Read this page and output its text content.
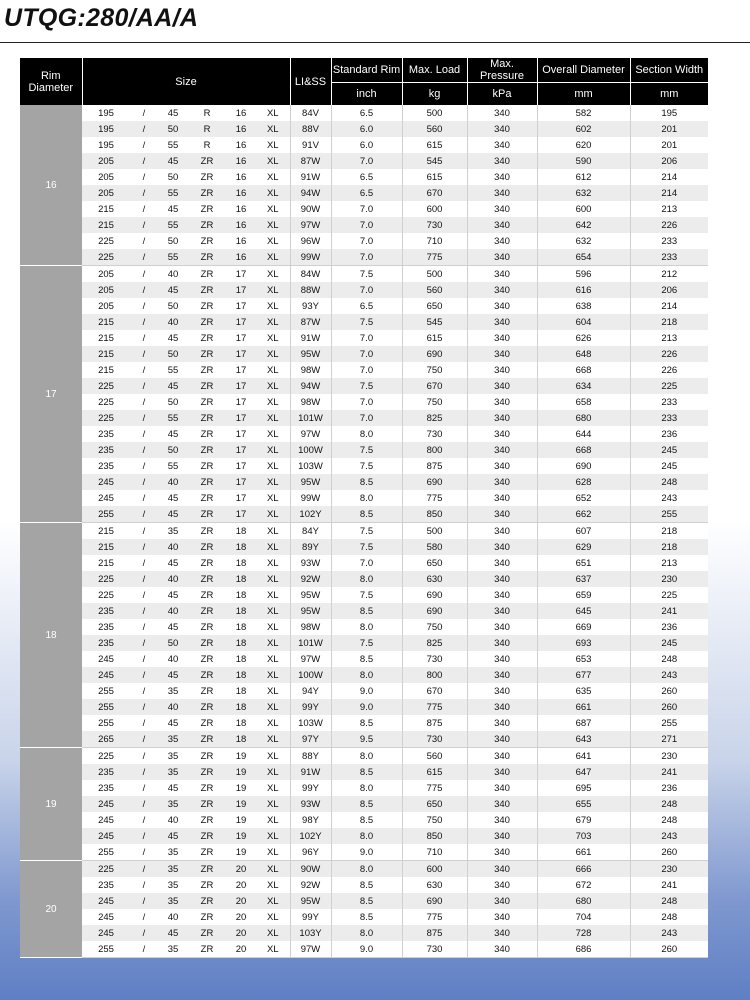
UTQG:280/AA/A
Rim Diameter	Size						LI&SS	Standard Rim	Max. Load	Max. Pressure	Overall Diameter	Section Width
								inch	kg	kPa	mm	mm
16	195	/	45	R	16	XL	84V	6.5	500	340	582	195
	195	/	50	R	16	XL	88V	6.0	560	340	602	201
	195	/	55	R	16	XL	91V	6.0	615	340	620	201
	205	/	45	ZR	16	XL	87W	7.0	545	340	590	206
	205	/	50	ZR	16	XL	91W	6.5	615	340	612	214
	205	/	55	ZR	16	XL	94W	6.5	670	340	632	214
	215	/	45	ZR	16	XL	90W	7.0	600	340	600	213
	215	/	55	ZR	16	XL	97W	7.0	730	340	642	226
	225	/	50	ZR	16	XL	96W	7.0	710	340	632	233
	225	/	55	ZR	16	XL	99W	7.0	775	340	654	233
17	205	/	40	ZR	17	XL	84W	7.5	500	340	596	212
	205	/	45	ZR	17	XL	88W	7.0	560	340	616	206
	205	/	50	ZR	17	XL	93Y	6.5	650	340	638	214
	215	/	40	ZR	17	XL	87W	7.5	545	340	604	218
	215	/	45	ZR	17	XL	91W	7.0	615	340	626	213
	215	/	50	ZR	17	XL	95W	7.0	690	340	648	226
	215	/	55	ZR	17	XL	98W	7.0	750	340	668	226
	225	/	45	ZR	17	XL	94W	7.5	670	340	634	225
	225	/	50	ZR	17	XL	98W	7.0	750	340	658	233
	225	/	55	ZR	17	XL	101W	7.0	825	340	680	233
	235	/	45	ZR	17	XL	97W	8.0	730	340	644	236
	235	/	50	ZR	17	XL	100W	7.5	800	340	668	245
	235	/	55	ZR	17	XL	103W	7.5	875	340	690	245
	245	/	40	ZR	17	XL	95W	8.5	690	340	628	248
	245	/	45	ZR	17	XL	99W	8.0	775	340	652	243
	255	/	45	ZR	17	XL	102Y	8.5	850	340	662	255
18	215	/	35	ZR	18	XL	84Y	7.5	500	340	607	218
	215	/	40	ZR	18	XL	89Y	7.5	580	340	629	218
	215	/	45	ZR	18	XL	93W	7.0	650	340	651	213
	225	/	40	ZR	18	XL	92W	8.0	630	340	637	230
	225	/	45	ZR	18	XL	95W	7.5	690	340	659	225
	235	/	40	ZR	18	XL	95W	8.5	690	340	645	241
	235	/	45	ZR	18	XL	98W	8.0	750	340	669	236
	235	/	50	ZR	18	XL	101W	7.5	825	340	693	245
	245	/	40	ZR	18	XL	97W	8.5	730	340	653	248
	245	/	45	ZR	18	XL	100W	8.0	800	340	677	243
	255	/	35	ZR	18	XL	94Y	9.0	670	340	635	260
	255	/	40	ZR	18	XL	99Y	9.0	775	340	661	260
	255	/	45	ZR	18	XL	103W	8.5	875	340	687	255
	265	/	35	ZR	18	XL	97Y	9.5	730	340	643	271
19	225	/	35	ZR	19	XL	88Y	8.0	560	340	641	230
	235	/	35	ZR	19	XL	91W	8.5	615	340	647	241
	235	/	45	ZR	19	XL	99Y	8.0	775	340	695	236
	245	/	35	ZR	19	XL	93W	8.5	650	340	655	248
	245	/	40	ZR	19	XL	98Y	8.5	750	340	679	248
	245	/	45	ZR	19	XL	102Y	8.0	850	340	703	243
	255	/	35	ZR	19	XL	96Y	9.0	710	340	661	260
20	225	/	35	ZR	20	XL	90W	8.0	600	340	666	230
	235	/	35	ZR	20	XL	92W	8.5	630	340	672	241
	245	/	35	ZR	20	XL	95W	8.5	690	340	680	248
	245	/	40	ZR	20	XL	99Y	8.5	775	340	704	248
	245	/	45	ZR	20	XL	103Y	8.0	875	340	728	243
	255	/	35	ZR	20	XL	97W	9.0	730	340	686	260
